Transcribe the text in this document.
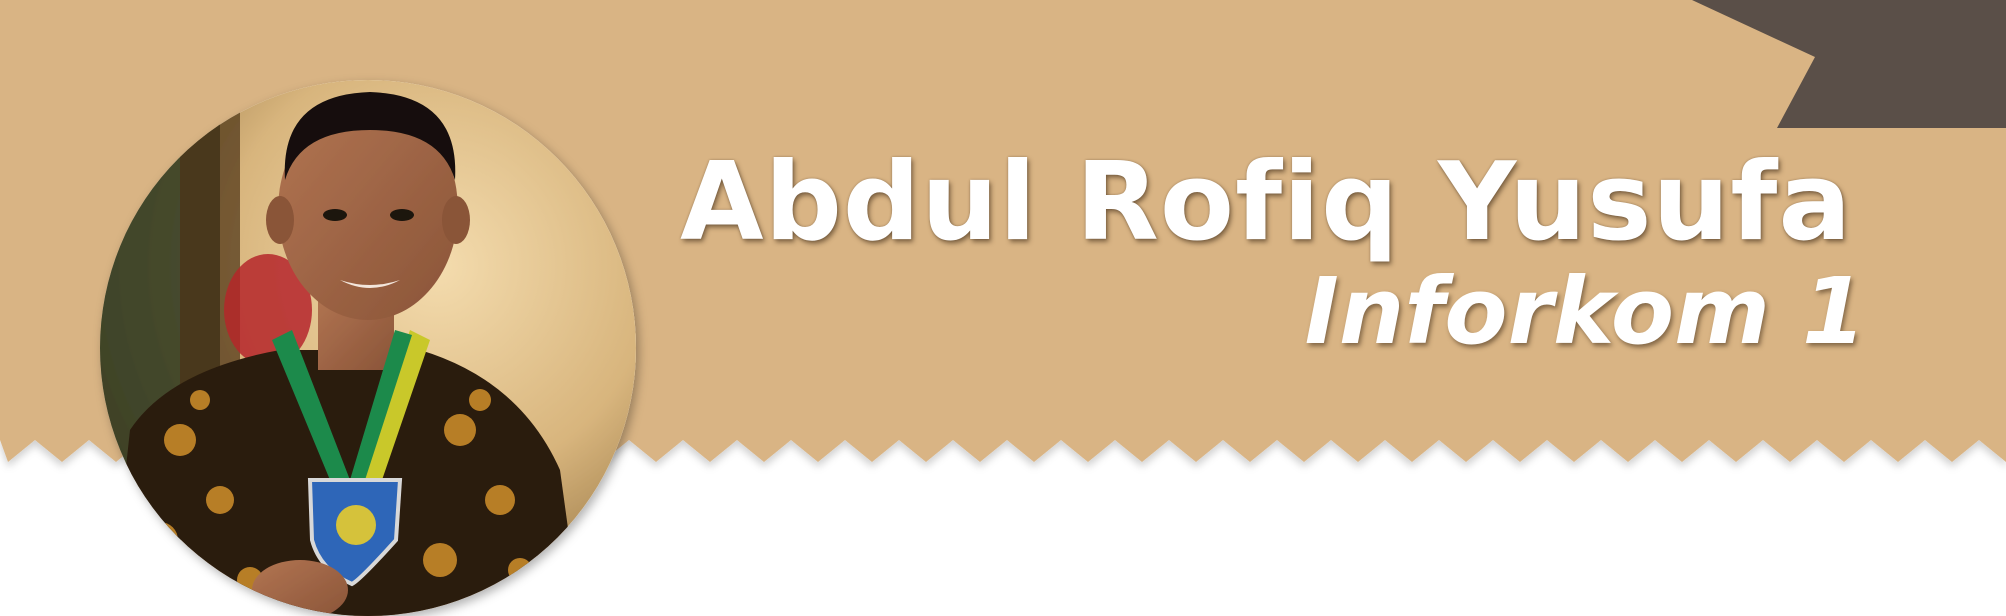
Abdul Rofiq Yusufa
Inforkom 1
